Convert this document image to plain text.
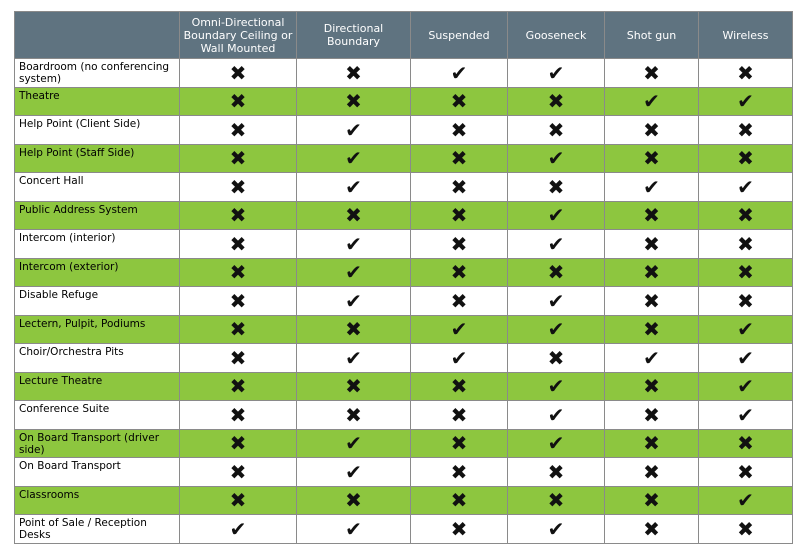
	Omni-Directional Boundary Ceiling or Wall Mounted	Directional Boundary	Suspended	Gooseneck	Shot gun	Wireless
Boardroom (no conferencing system)	✖	✖	✔	✔	✖	✖
Theatre	✖	✖	✖	✖	✔	✔
Help Point (Client Side)	✖	✔	✖	✖	✖	✖
Help Point (Staff Side)	✖	✔	✖	✔	✖	✖
Concert Hall	✖	✔	✖	✖	✔	✔
Public Address System	✖	✖	✖	✔	✖	✖
Intercom (interior)	✖	✔	✖	✔	✖	✖
Intercom (exterior)	✖	✔	✖	✖	✖	✖
Disable Refuge	✖	✔	✖	✔	✖	✖
Lectern, Pulpit, Podiums	✖	✖	✔	✔	✖	✔
Choir/Orchestra Pits	✖	✔	✔	✖	✔	✔
Lecture Theatre	✖	✖	✖	✔	✖	✔
Conference Suite	✖	✖	✖	✔	✖	✔
On Board Transport (driver side)	✖	✔	✖	✔	✖	✖
On Board Transport	✖	✔	✖	✖	✖	✖
Classrooms	✖	✖	✖	✖	✖	✔
Point of Sale / Reception Desks	✔	✔	✖	✔	✖	✖
